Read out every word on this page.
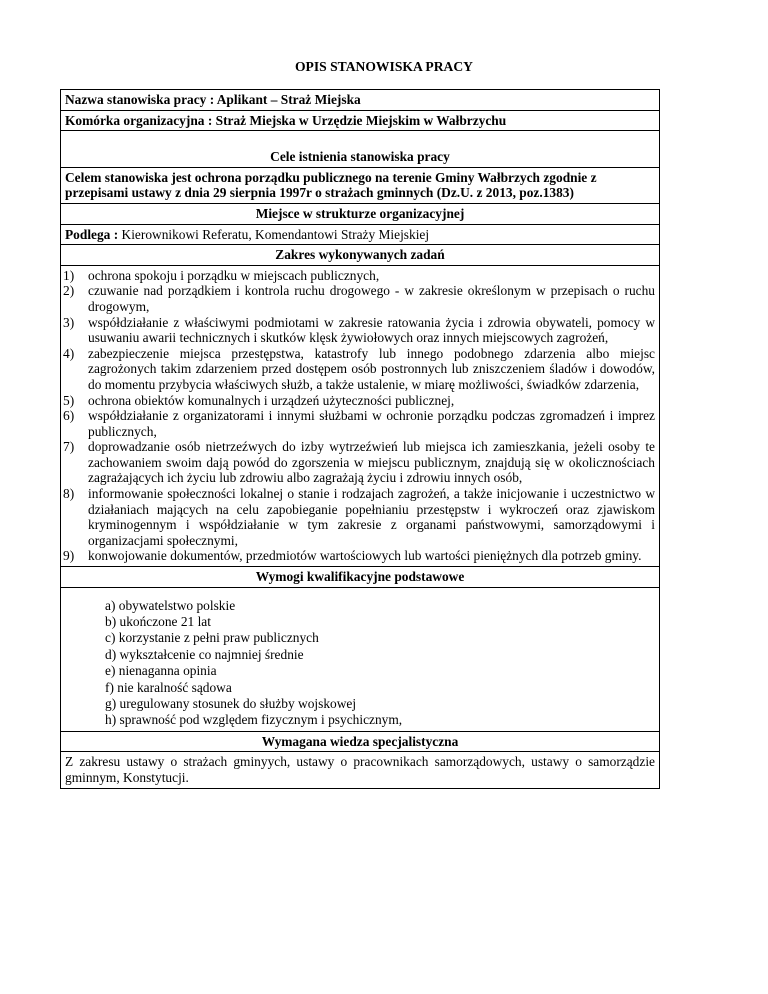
OPIS STANOWISKA PRACY
Nazwa stanowiska pracy : Aplikant – Straż Miejska
Komórka organizacyjna : Straż Miejska w Urzędzie Miejskim w Wałbrzychu
Cele istnienia stanowiska pracy
Celem stanowiska jest ochrona porządku publicznego na terenie Gminy Wałbrzych zgodnie z przepisami ustawy z dnia 29 sierpnia 1997r o strażach gminnych (Dz.U. z 2013, poz.1383)
Miejsce w strukturze organizacyjnej
Podlega : Kierownikowi Referatu, Komendantowi Straży Miejskiej
Zakres wykonywanych zadań

1) ochrona spokoju i porządku w miejscach publicznych,
2) czuwanie nad porządkiem i kontrola ruchu drogowego - w zakresie określonym w przepisach o ruchu drogowym,
3) współdziałanie z właściwymi podmiotami w zakresie ratowania życia i zdrowia obywateli, pomocy w usuwaniu awarii technicznych i skutków klęsk żywiołowych oraz innych miejscowych zagrożeń,
4) zabezpieczenie miejsca przestępstwa, katastrofy lub innego podobnego zdarzenia albo miejsc zagrożonych takim zdarzeniem przed dostępem osób postronnych lub zniszczeniem śladów i dowodów, do momentu przybycia właściwych służb, a także ustalenie, w miarę możliwości, świadków zdarzenia,
5) ochrona obiektów komunalnych i urządzeń użyteczności publicznej,
6) współdziałanie z organizatorami i innymi służbami w ochronie porządku podczas zgromadzeń i imprez publicznych,
7) doprowadzanie osób nietrzeźwych do izby wytrzeźwień lub miejsca ich zamieszkania, jeżeli osoby te zachowaniem swoim dają powód do zgorszenia w miejscu publicznym, znajdują się w okolicznościach zagrażających ich życiu lub zdrowiu albo zagrażają życiu i zdrowiu innych osób,
8) informowanie społeczności lokalnej o stanie i rodzajach zagrożeń, a także inicjowanie i uczestnictwo w działaniach mających na celu zapobieganie popełnianiu przestępstw i wykroczeń oraz zjawiskom kryminogennym i współdziałanie w tym zakresie z organami państwowymi, samorządowymi i organizacjami społecznymi,
9) konwojowanie dokumentów, przedmiotów wartościowych lub wartości pieniężnych dla potrzeb gminy.

Wymogi kwalifikacyjne podstawowe

a) obywatelstwo polskie
b) ukończone 21 lat
c) korzystanie z pełni praw publicznych
d) wykształcenie co najmniej średnie
e) nienaganna opinia
f) nie karalność sądowa
g) uregulowany stosunek do służby wojskowej
h) sprawność pod względem fizycznym i psychicznym,

Wymagana wiedza specjalistyczna
Z zakresu ustawy o strażach gminyych, ustawy o pracownikach samorządowych, ustawy o samorządzie gminnym, Konstytucji.
